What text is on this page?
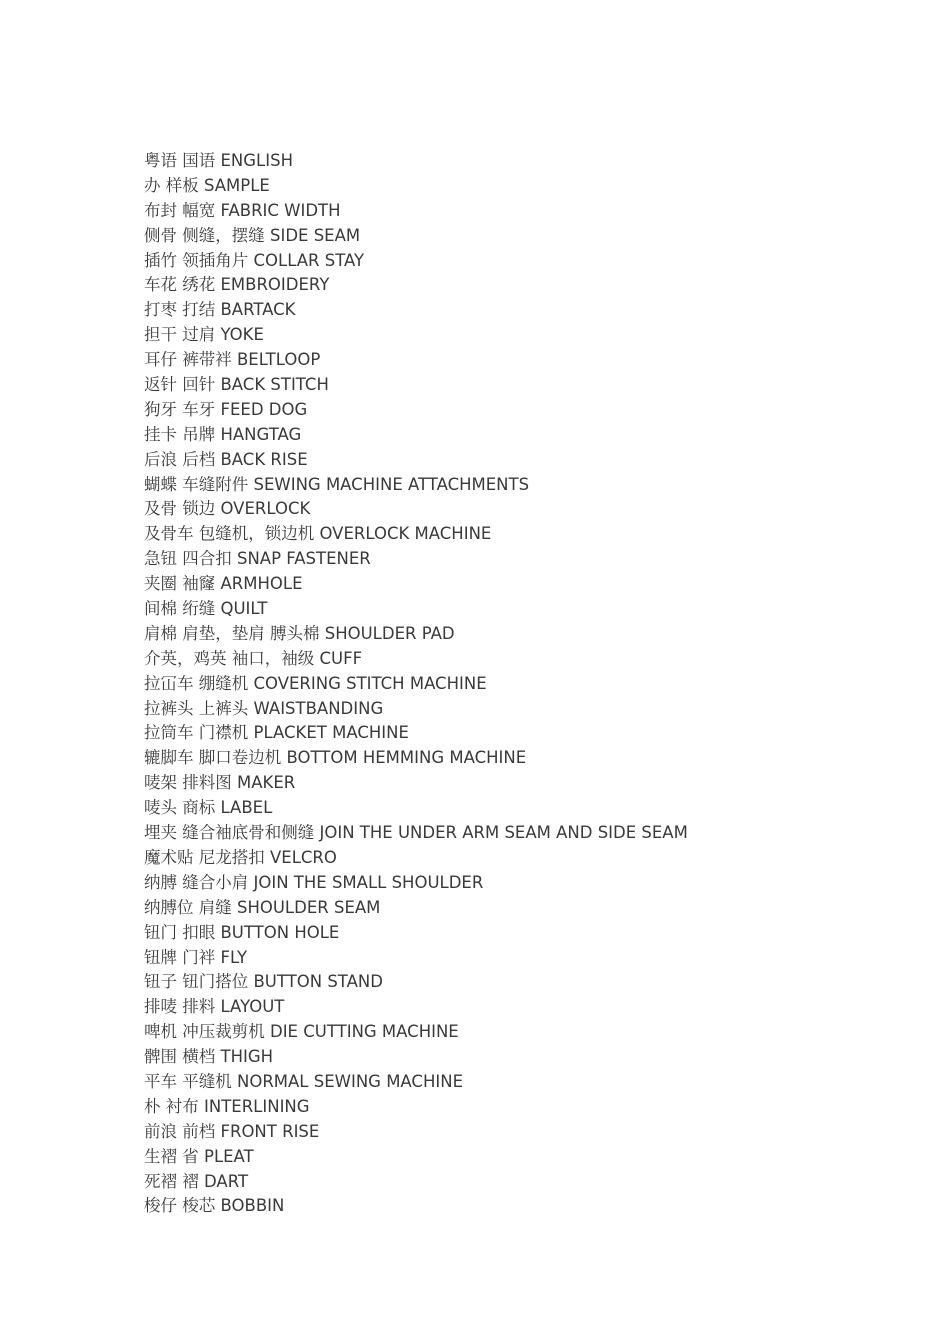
粤语 国语 ENGLISH
办 样板 SAMPLE
布封 幅宽 FABRIC WIDTH
侧骨 侧缝，摆缝 SIDE SEAM
插竹 领插角片 COLLAR STAY
车花 绣花 EMBROIDERY
打枣 打结 BARTACK
担干 过肩 YOKE
耳仔 裤带袢 BELTLOOP
返针 回针 BACK STITCH
狗牙 车牙 FEED DOG
挂卡 吊牌 HANGTAG
后浪 后档 BACK RISE
蝴蝶 车缝附件 SEWING MACHINE ATTACHMENTS
及骨 锁边 OVERLOCK
及骨车 包缝机，锁边机 OVERLOCK MACHINE
急钮 四合扣 SNAP FASTENER
夹圈 袖窿 ARMHOLE
间棉 绗缝 QUILT
肩棉 肩垫，垫肩 膊头棉 SHOULDER PAD
介英，鸡英 袖口，袖级 CUFF
拉冚车 绷缝机 COVERING STITCH MACHINE
拉裤头 上裤头 WAISTBANDING
拉筒车 门襟机 PLACKET MACHINE
辘脚车 脚口卷边机 BOTTOM HEMMING MACHINE
唛架 排料图 MAKER
唛头 商标 LABEL
埋夹 缝合袖底骨和侧缝 JOIN THE UNDER ARM SEAM AND SIDE SEAM
魔术贴 尼龙搭扣 VELCRO
纳膊 缝合小肩 JOIN THE SMALL SHOULDER
纳膊位 肩缝 SHOULDER SEAM
钮门 扣眼 BUTTON HOLE
钮牌 门袢 FLY
钮子 钮门搭位 BUTTON STAND
排唛 排料 LAYOUT
啤机 冲压裁剪机 DIE CUTTING MACHINE
髀围 横档 THIGH
平车 平缝机 NORMAL SEWING MACHINE
朴 衬布 INTERLINING
前浪 前档 FRONT RISE
生褶 省 PLEAT
死褶 褶 DART
梭仔 梭芯 BOBBIN
